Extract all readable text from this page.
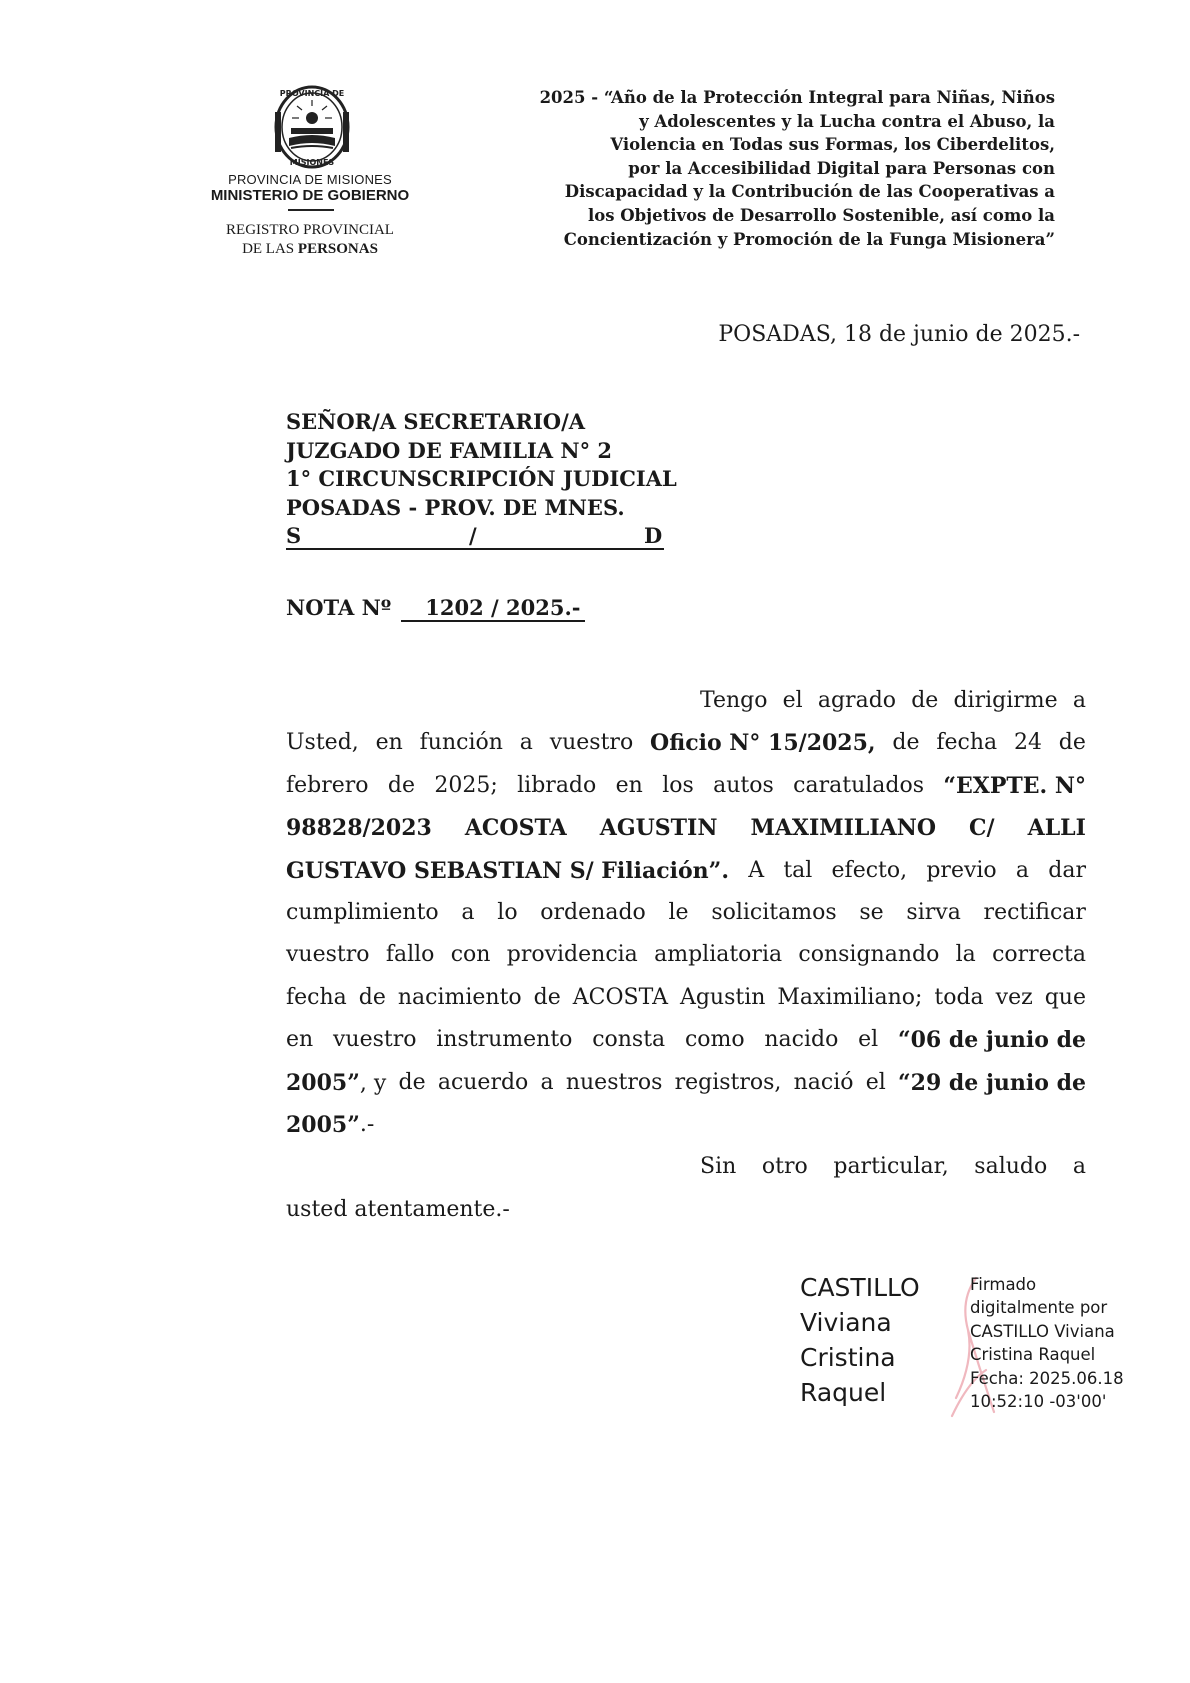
PROVINCIA DE
MISIONES
PROVINCIA DE MISIONES
MINISTERIO DE GOBIERNO
REGISTRO PROVINCIAL
DE LAS PERSONAS
2025 - “Año de la Protección Integral para Niñas, Niños
y Adolescentes y la Lucha contra el Abuso, la
Violencia en Todas sus Formas, los Ciberdelitos,
por la Accesibilidad Digital para Personas con
Discapacidad y la Contribución de las Cooperativas a
los Objetivos de Desarrollo Sostenible, así como la
Concientización y Promoción de la Funga Misionera”
POSADAS, 18 de junio de 2025.-
SEÑOR/A SECRETARIO/A
JUZGADO DE FAMILIA N° 2
1° CIRCUNSCRIPCIÓN JUDICIAL
POSADAS - PROV. DE MNES.
S	/	D
NOTA Nº 1202 / 2025.-
Tengo el agrado de dirigirme a
Usted, en función a vuestro Oficio N° 15/2025, de fecha 24 de
febrero de 2025; librado en los autos caratulados “EXPTE. N°
98828/2023 ACOSTA AGUSTIN MAXIMILIANO C/ ALLI
GUSTAVO SEBASTIAN S/ Filiación”. A tal efecto, previo a dar
cumplimiento a lo ordenado le solicitamos se sirva rectificar
vuestro fallo con providencia ampliatoria consignando la correcta
fecha de nacimiento de ACOSTA Agustin Maximiliano; toda vez que
en vuestro instrumento consta como nacido el “06 de junio de
2005”, y de acuerdo a nuestros registros, nació el “29 de junio de
2005” .-
Sin otro particular, saludo a
usted atentamente.-
CASTILLO
Viviana
Cristina
Raquel
Firmado
digitalmente por
CASTILLO Viviana
Cristina Raquel
Fecha: 2025.06.18
10:52:10 -03'00'
